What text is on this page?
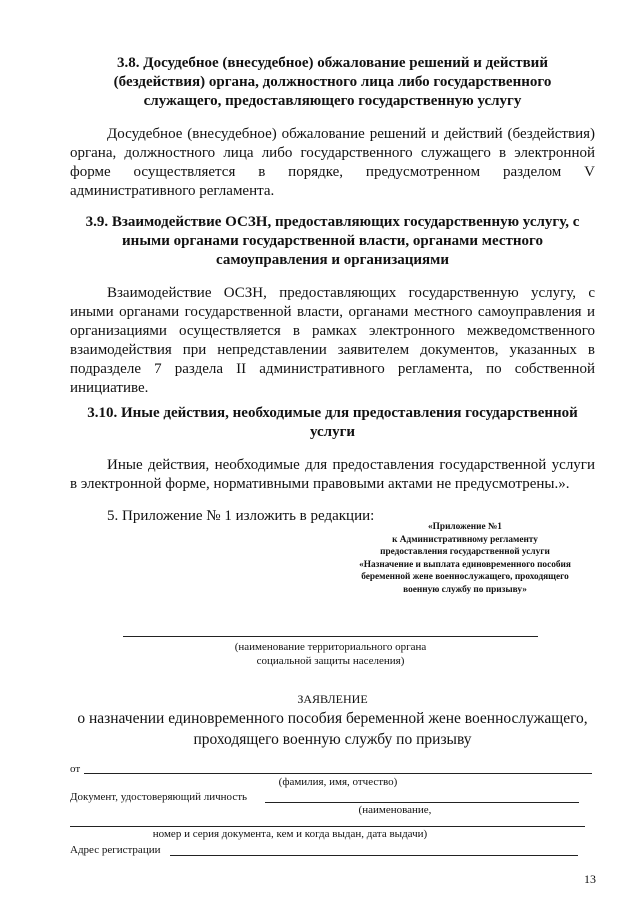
3.8. Досудебное (внесудебное) обжалование решений и действий
(бездействия) органа, должностного лица либо государственного
служащего, предоставляющего государственную услугу
Досудебное (внесудебное) обжалование решений и действий (бездействия) органа, должностного лица либо государственного служащего в электронной форме осуществляется в порядке, предусмотренном разделом V административного регламента.
3.9. Взаимодействие ОСЗН, предоставляющих государственную услугу, с
иными органами государственной власти, органами местного
самоуправления и организациями
Взаимодействие ОСЗН, предоставляющих государственную услугу, с иными органами государственной власти, органами местного самоуправления и организациями осуществляется в рамках электронного межведомственного взаимодействия при непредставлении заявителем документов, указанных в подразделе 7 раздела II административного регламента, по собственной инициативе.
3.10. Иные действия, необходимые для предоставления государственной
услуги
Иные действия, необходимые для предоставления государственной услуги в электронной форме, нормативными правовыми актами не предусмотрены.».
5. Приложение № 1 изложить в редакции:
«Приложение №1
к Административному регламенту
предоставления государственной услуги
«Назначение и выплата единовременного пособия
беременной жене военнослужащего, проходящего
военную службу по призыву»
(наименование территориального органа
социальной защиты населения)
ЗАЯВЛЕНИЕ
о назначении единовременного пособия беременной жене военнослужащего,
проходящего военную службу по призыву
от
(фамилия, имя, отчество)
Документ, удостоверяющий личность
(наименование,
номер и серия документа, кем и когда выдан, дата выдачи)
Адрес регистрации
13
